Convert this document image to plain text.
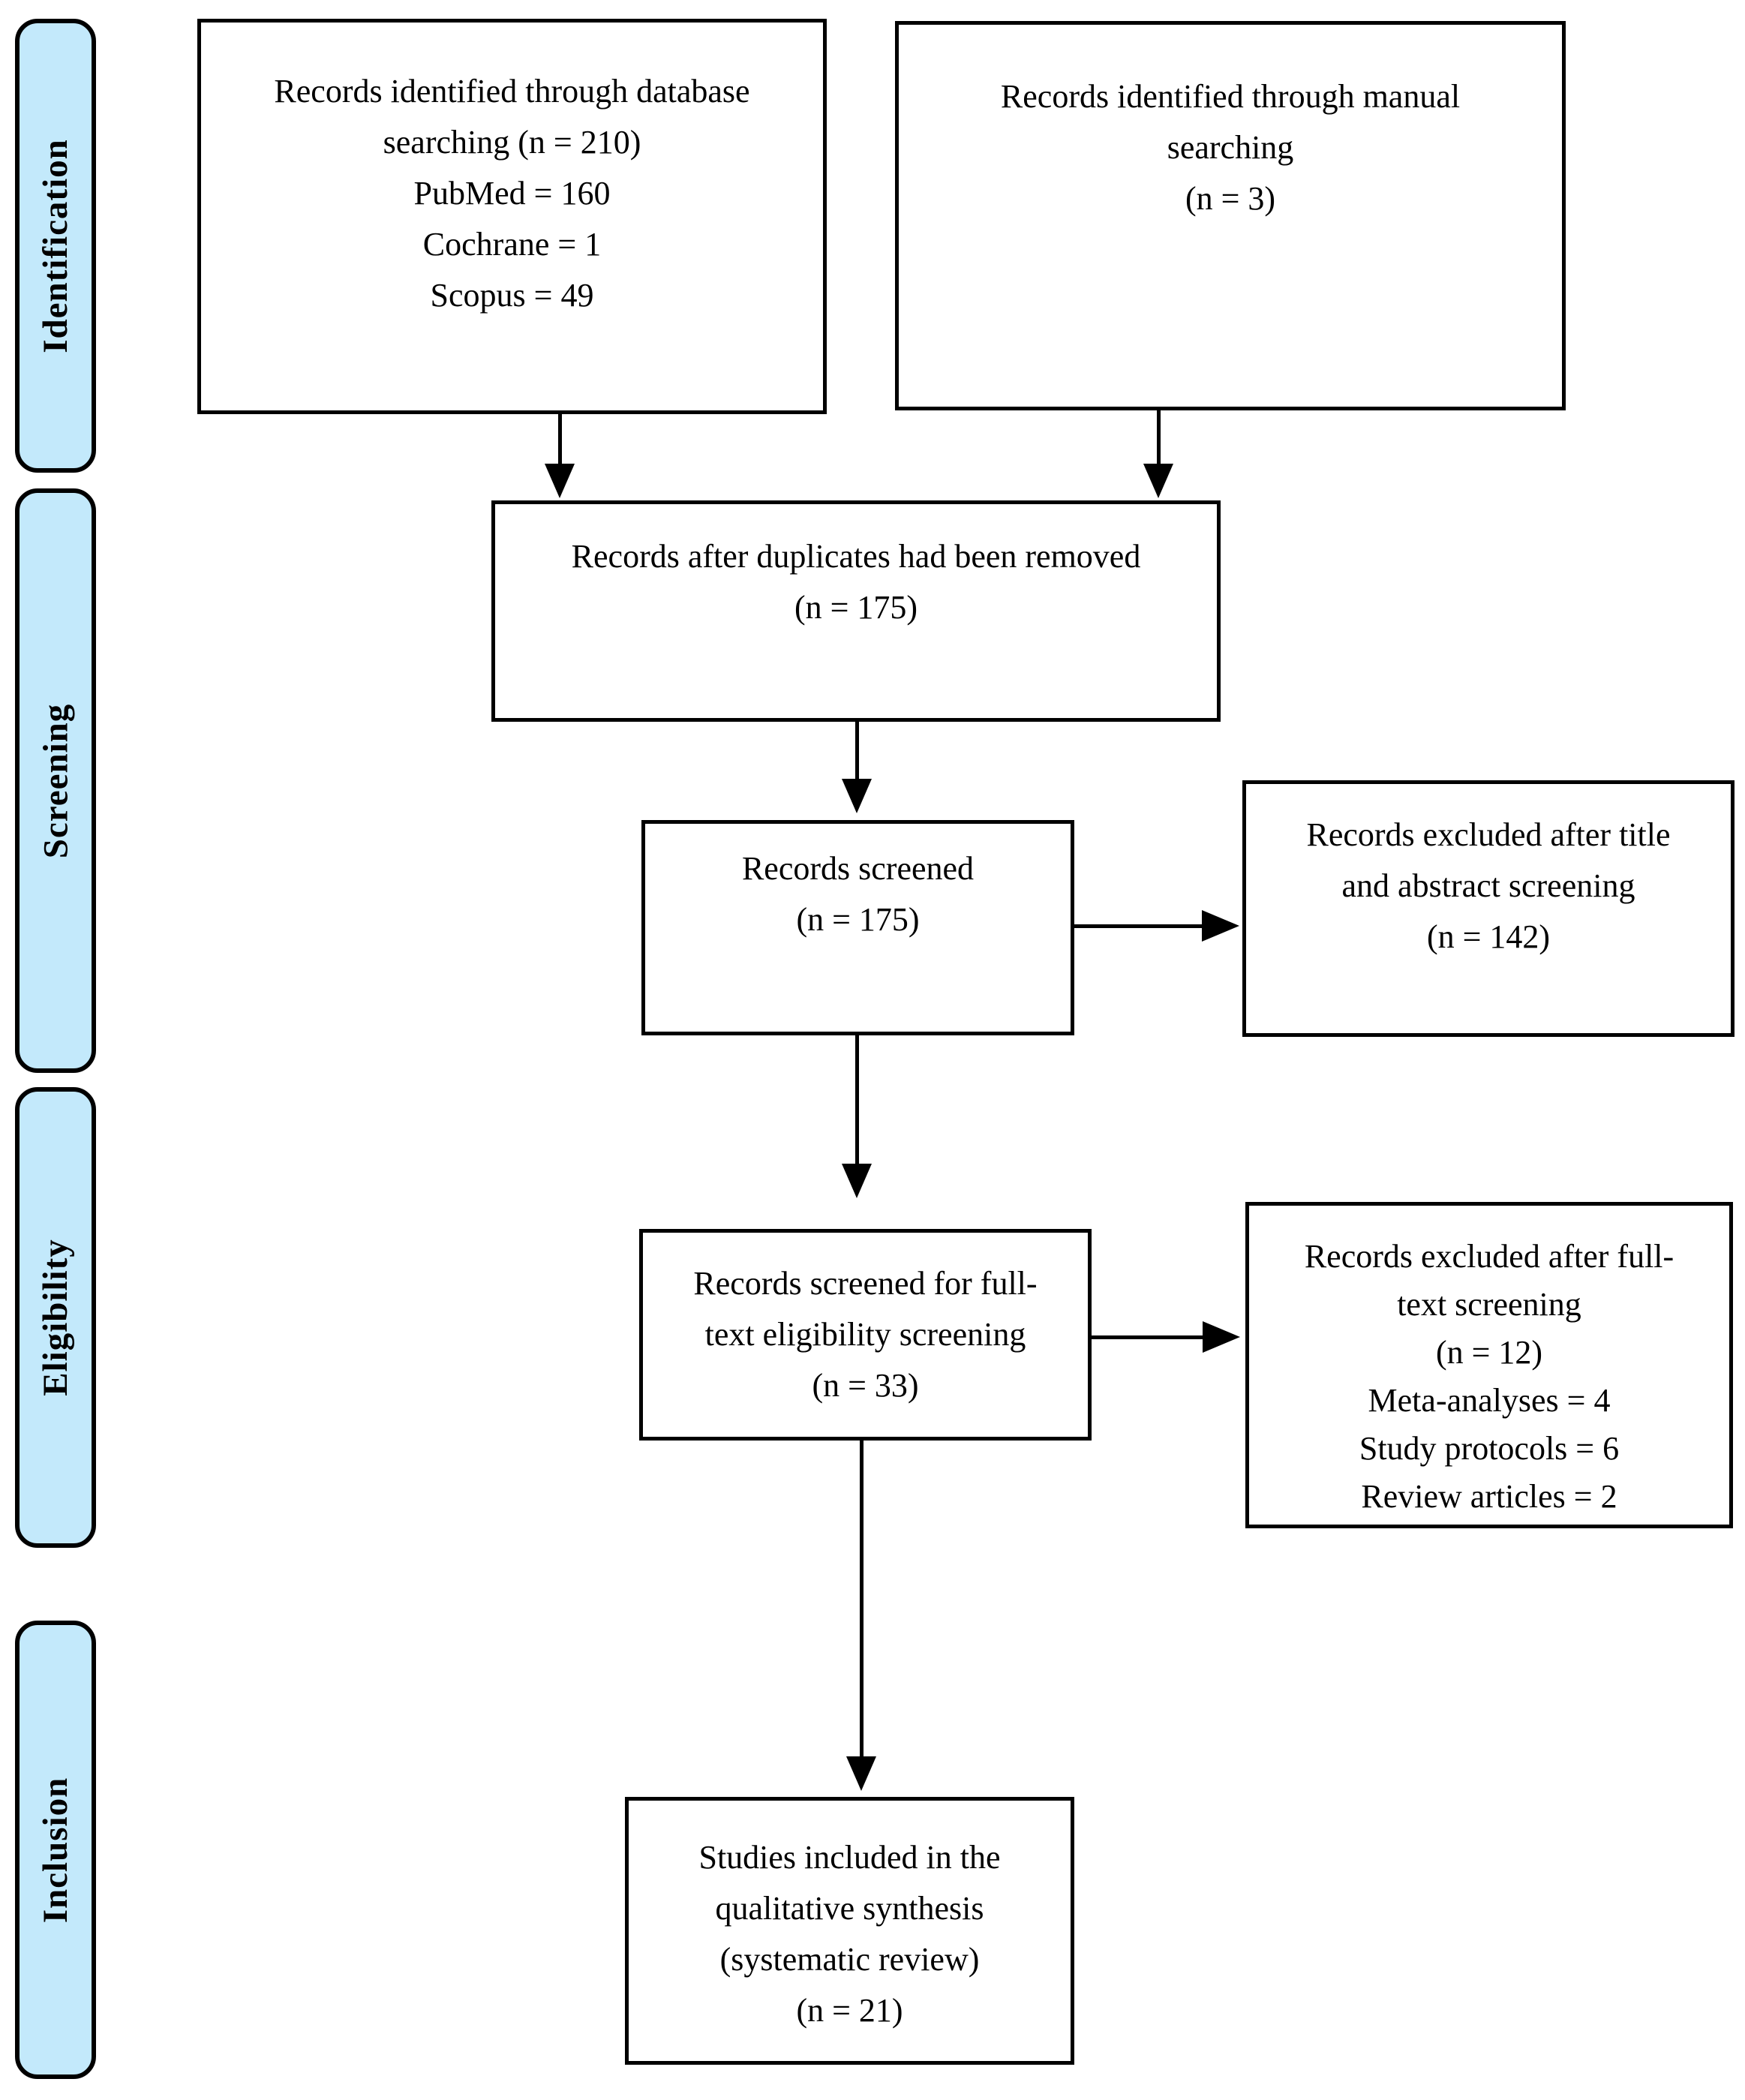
Identification
Screening
Eligibility
Inclusion
Records identified through database
searching (n = 210)
PubMed = 160
Cochrane = 1
Scopus = 49
Records identified through manual
searching
(n = 3)
Records after duplicates had been removed
(n = 175)
Records screened
(n = 175)
Records excluded after title
and abstract screening
(n = 142)
Records screened for full-
text eligibility screening
(n = 33)
Records excluded after full-
text screening
(n = 12)
Meta-analyses = 4
Study protocols = 6
Review articles = 2
Studies included in the
qualitative synthesis
(systematic review)
(n = 21)
